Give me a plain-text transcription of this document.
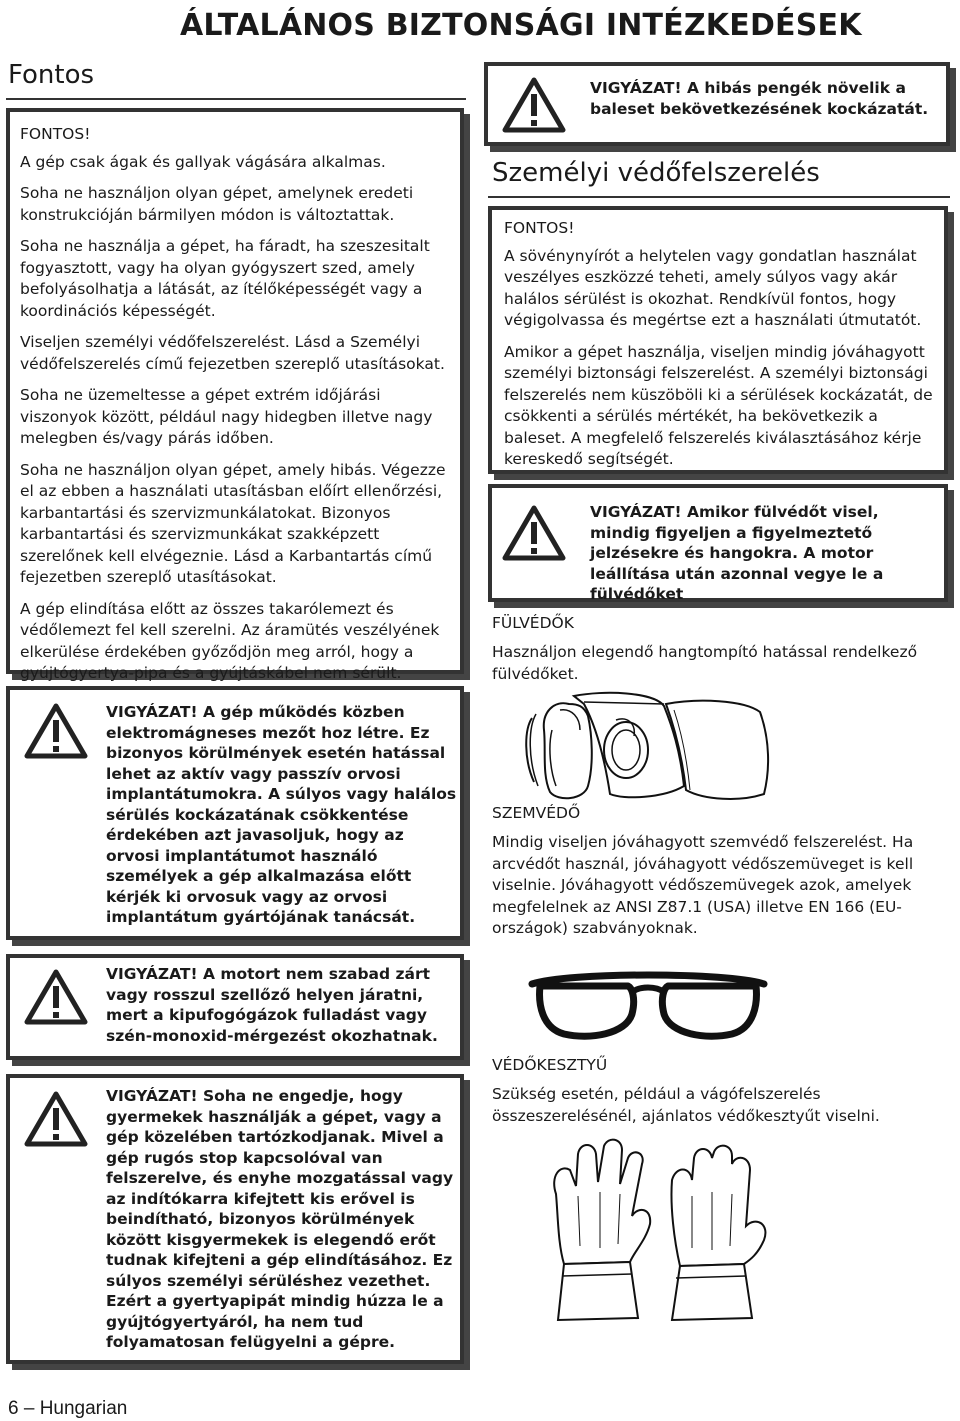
ÁLTALÁNOS BIZTONSÁGI INTÉZKEDÉSEK
Fontos

FONTOS!

A gép csak ágak és gallyak vágására alkalmas.

Soha ne használjon olyan gépet, amelynek eredeti konstrukcióján bármilyen módon is változtattak.

Soha ne használja a gépet, ha fáradt, ha szeszesitalt fogyasztott, vagy ha olyan gyógyszert szed, amely befolyásolhatja a látását, az ítélőképességét vagy a koordinációs képességét.

Viseljen személyi védőfelszerelést. Lásd a Személyi védőfelszerelés című fejezetben szereplő utasításokat.

Soha ne üzemeltesse a gépet extrém időjárási viszonyok között, például nagy hidegben illetve nagy melegben és/vagy párás időben.

Soha ne használjon olyan gépet, amely hibás. Végezze el az ebben a használati utasításban előírt ellenőrzési, karbantartási és szervizmunkálatokat. Bizonyos karbantartási és szervizmunkákat szakképzett szerelőnek kell elvégeznie. Lásd a Karbantartás című fejezetben szereplő utasításokat.

A gép elindítása előtt az összes takarólemezt és védőlemezt fel kell szerelni. Az áramütés veszélyének elkerülése érdekében győződjön meg arról, hogy a gyújtógyertya-pipa és a gyújtáskábel nem sérült.

VIGYÁZAT! A gép működés közben elektromágneses mezőt hoz létre. Ez bizonyos körülmények esetén hatással lehet az aktív vagy passzív orvosi implantátumokra. A súlyos vagy halálos sérülés kockázatának csökkentése érdekében azt javasoljuk, hogy az orvosi implantátumot használó személyek a gép alkalmazása előtt kérjék ki orvosuk vagy az orvosi implantátum gyártójának tanácsát.
VIGYÁZAT! A motort nem szabad zárt vagy rosszul szellőző helyen járatni, mert a kipufogógázok fulladást vagy szén-monoxid-mérgezést okozhatnak.
VIGYÁZAT! Soha ne engedje, hogy gyermekek használják a gépet, vagy a gép közelében tartózkodjanak. Mivel a gép rugós stop kapcsolóval van felszerelve, és enyhe mozgatással vagy az indítókarra kifejtett kis erővel is beindítható, bizonyos körülmények között kisgyermekek is elegendő erőt tudnak kifejteni a gép elindításához. Ez súlyos személyi sérüléshez vezethet. Ezért a gyertyapipát mindig húzza le a gyújtógyertyáról, ha nem tud folyamatosan felügyelni a gépre.
VIGYÁZAT! A hibás pengék növelik a baleset bekövetkezésének kockázatát.
Személyi védőfelszerelés

FONTOS!

A sövénynyírót a helytelen vagy gondatlan használat veszélyes eszközzé teheti, amely súlyos vagy akár halálos sérülést is okozhat. Rendkívül fontos, hogy végigolvassa és megértse ezt a használati útmutatót.

Amikor a gépet használja, viseljen mindig jóváhagyott személyi biztonsági felszerelést. A személyi biztonsági felszerelés nem küszöböli ki a sérülések kockázatát, de csökkenti a sérülés mértékét, ha bekövetkezik a baleset. A megfelelő felszerelés kiválasztásához kérje kereskedő segítségét.

VIGYÁZAT! Amikor fülvédőt visel, mindig figyeljen a figyelmeztető jelzésekre és hangokra. A motor leállítása után azonnal vegye le a fülvédőket
FÜLVÉDŐK
Használjon elegendő hangtompító hatással rendelkező fülvédőket.
SZEMVÉDŐ
Mindig viseljen jóváhagyott szemvédő felszerelést. Ha arcvédőt használ, jóváhagyott védőszemüveget is kell viselnie. Jóváhagyott védőszemüvegek azok, amelyek megfelelnek az ANSI Z87.1 (USA) illetve EN 166 (EU-országok) szabványoknak.
VÉDŐKESZTYŰ
Szükség esetén, például a vágófelszerelés összeszerelésénél, ajánlatos védőkesztyűt viselni.
6 – Hungarian
